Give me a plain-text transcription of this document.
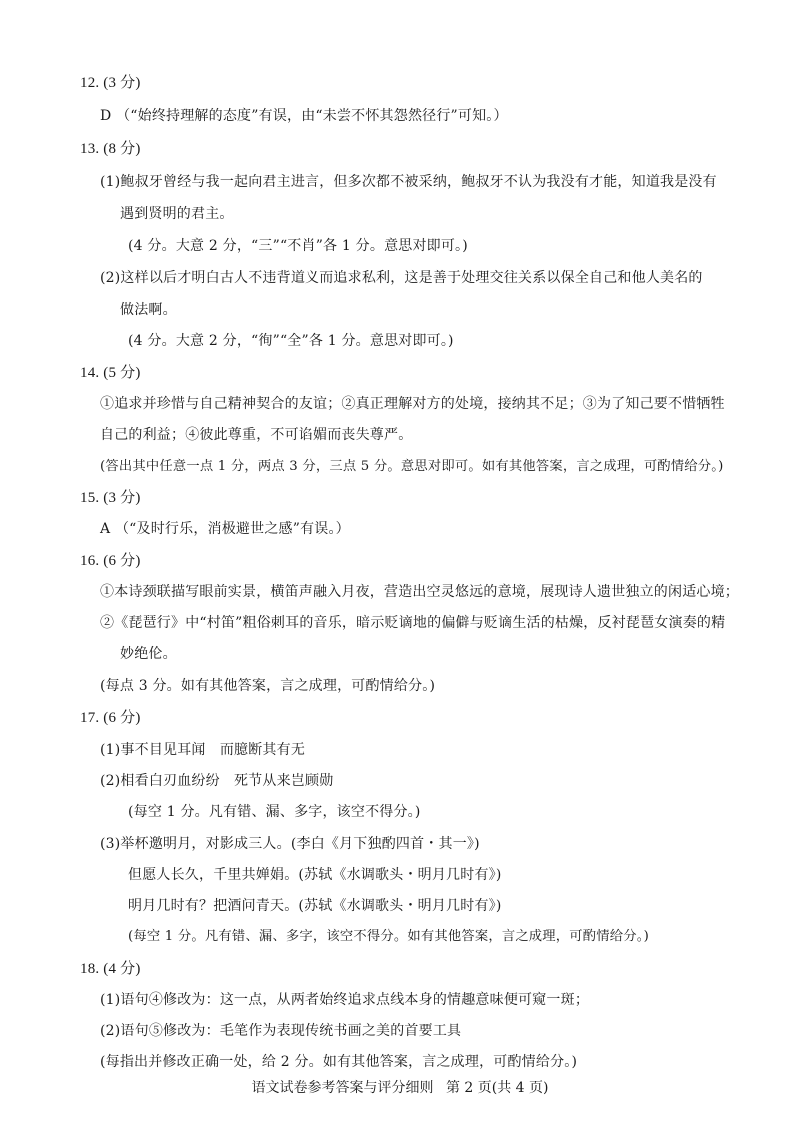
12. (3 分)
D （“始终持理解的态度”有误，由“未尝不怀其怨然径行”可知。）
13. (8 分)
(1)鲍叔牙曾经与我一起向君主进言，但多次都不被采纳，鲍叔牙不认为我没有才能，知道我是没有
遇到贤明的君主。
(4 分。大意 2 分，“三”“不肖”各 1 分。意思对即可。)
(2)这样以后才明白古人不违背道义而追求私利，这是善于处理交往关系以保全自己和他人美名的
做法啊。
(4 分。大意 2 分，“徇”“全”各 1 分。意思对即可。)
14. (5 分)
①追求并珍惜与自己精神契合的友谊；②真正理解对方的处境，接纳其不足；③为了知己要不惜牺牲
自己的利益；④彼此尊重，不可谄媚而丧失尊严。
(答出其中任意一点 1 分，两点 3 分，三点 5 分。意思对即可。如有其他答案，言之成理，可酌情给分。)
15. (3 分)
A （“及时行乐，消极避世之感”有误。）
16. (6 分)
①本诗颈联描写眼前实景，横笛声融入月夜，营造出空灵悠远的意境，展现诗人遗世独立的闲适心境；
②《琵琶行》中“村笛”粗俗刺耳的音乐，暗示贬谪地的偏僻与贬谪生活的枯燥，反衬琵琶女演奏的精
妙绝伦。
(每点 3 分。如有其他答案，言之成理，可酌情给分。)
17. (6 分)
(1)事不目见耳闻　而臆断其有无
(2)相看白刃血纷纷　死节从来岂顾勋
(每空 1 分。凡有错、漏、多字，该空不得分。)
(3)举杯邀明月，对影成三人。(李白《月下独酌四首・其一》)
但愿人长久，千里共婵娟。(苏轼《水调歌头・明月几时有》)
明月几时有？把酒问青天。(苏轼《水调歌头・明月几时有》)
(每空 1 分。凡有错、漏、多字，该空不得分。如有其他答案，言之成理，可酌情给分。)
18. (4 分)
(1)语句④修改为：这一点，从两者始终追求点线本身的情趣意味便可窥一斑；
(2)语句⑤修改为：毛笔作为表现传统书画之美的首要工具
(每指出并修改正确一处，给 2 分。如有其他答案，言之成理，可酌情给分。)
语文试卷参考答案与评分细则 第 2 页(共 4 页)
